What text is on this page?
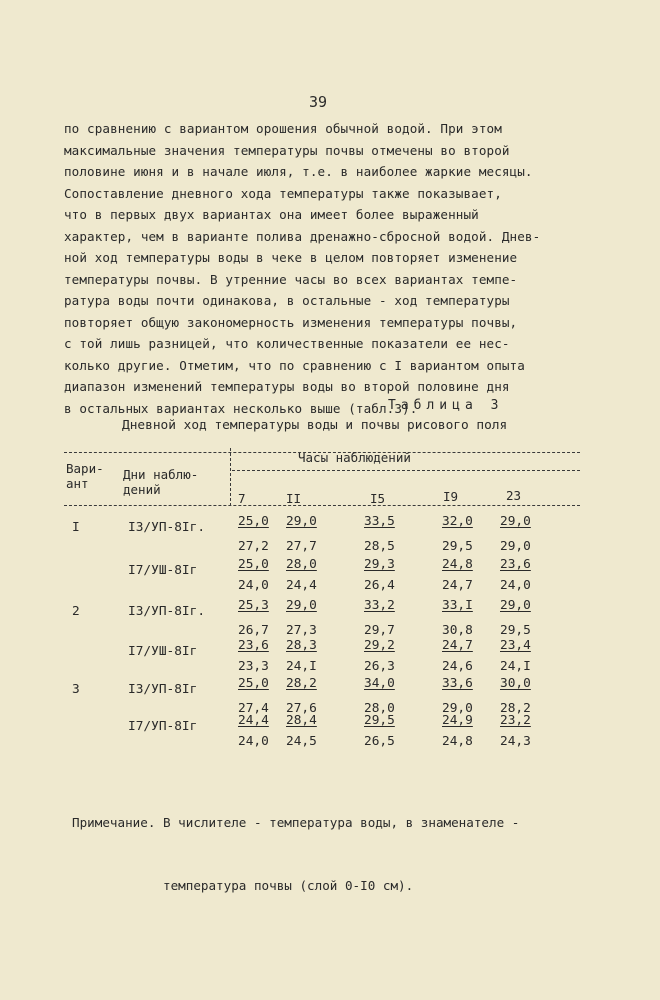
39
по сравнению с вариантом орошения обычной водой. При этом
максимальные значения температуры почвы отмечены во второй
половине июня и в начале июля, т.е. в наиболее жаркие месяцы.
Сопоставление дневного хода температуры также показывает,
что в первых двух вариантах она имеет более выраженный
характер, чем в варианте полива дренажно-сбросной водой. Днев-
ной ход температуры воды в чеке в целом повторяет изменение
температуры почвы. В утренние часы во всех вариантах темпе-
ратура воды почти одинакова, в остальные - ход температуры
повторяет общую закономерность изменения температуры почвы,
с той лишь разницей, что количественные показатели ее нес-
колько другие. Отметим, что по сравнению с I вариантом опыта
диапазон изменений температуры воды во второй половине дня
в остальных вариантах несколько выше (табл.3).
Таблица 3
Дневной ход температуры воды и почвы рисового поля
Вари-
ант
Дни наблю-
дений
Часы наблюдений
7	II	I5	I9	23
I	I3/УП-8Iг.	25,0 29,0	33,5	32,0 29,0
27,2 27,7	28,5	29,5 29,0
I7/УШ-8Iг	25,0 28,0	29,3	24,8 23,6
24,0 24,4	26,4	24,7 24,0
2	I3/УП-8Iг.	25,3 29,0	33,2	33,I 29,0
26,7 27,3	29,7	30,8 29,5
I7/УШ-8Iг	23,6 28,3	29,2	24,7 23,4
23,3 24,I	26,3	24,6 24,I
3	I3/УП-8Iг	25,0 28,2	34,0	33,6 30,0
27,4 27,6	28,0	29,0 28,2
I7/УП-8Iг	24,4 28,4	29,5	24,9 23,2
24,0 24,5	26,5	24,8 24,3

Примечание. В числителе - температура воды, в знаменателе -

температура почвы (слой 0-I0 см).
